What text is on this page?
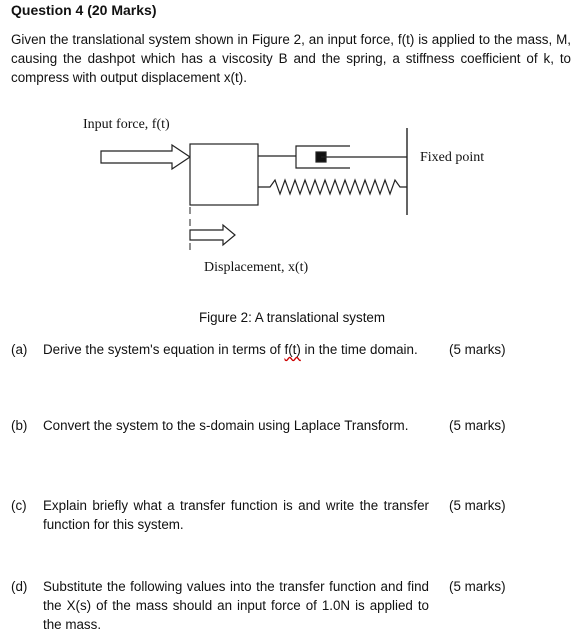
Question 4 (20 Marks)
Given the translational system shown in Figure 2, an input force, f(t) is applied to the mass, M, causing the dashpot which has a viscosity B and the spring, a stiffness coefficient of k, to compress with output displacement x(t).
Input force, f(t)
Fixed point
Displacement, x(t)
Figure 2: A translational system
(a) Derive the system's equation in terms of f(t) in the time domain.	(5 marks)
(b) Convert the system to the s-domain using Laplace Transform.	(5 marks)
(c) Explain briefly what a transfer function is and write the transfer function for this system.
(5 marks)
(d) Substitute the following values into the transfer function and find the X(s) of the mass should an input force of 1.0N is applied to the mass.
(5 marks)
